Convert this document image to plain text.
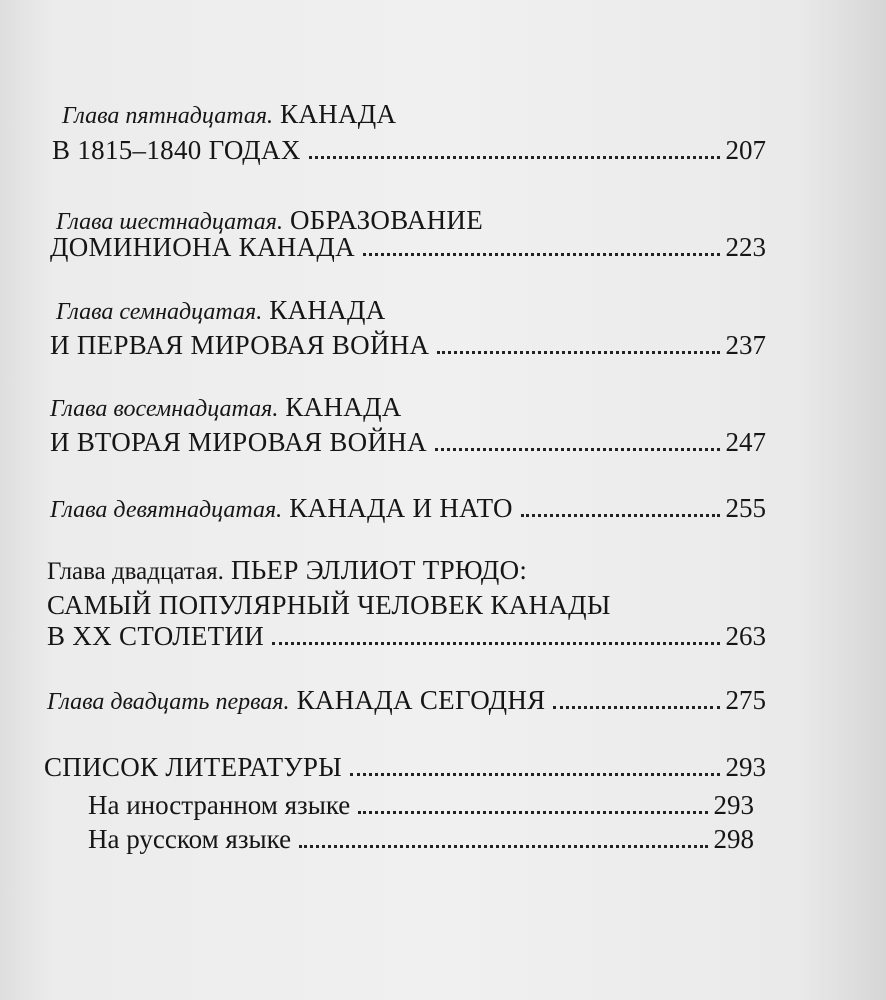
Глава пятнадцатая. КАНАДА
В 1815–1840 ГОДАХ	207
Глава шестнадцатая. ОБРАЗОВАНИЕ
ДОМИНИОНА КАНАДА	223
Глава семнадцатая. КАНАДА
И ПЕРВАЯ МИРОВАЯ ВОЙНА	237
Глава восемнадцатая. КАНАДА
И ВТОРАЯ МИРОВАЯ ВОЙНА	247
Глава девятнадцатая. КАНАДА И НАТО	255
Глава двадцатая. ПЬЕР ЭЛЛИОТ ТРЮДО:
САМЫЙ ПОПУЛЯРНЫЙ ЧЕЛОВЕК КАНАДЫ
В XX СТОЛЕТИИ	263
Глава двадцать первая. КАНАДА СЕГОДНЯ	275
СПИСОК ЛИТЕРАТУРЫ	293
На иностранном языке	293
На русском языке	298
